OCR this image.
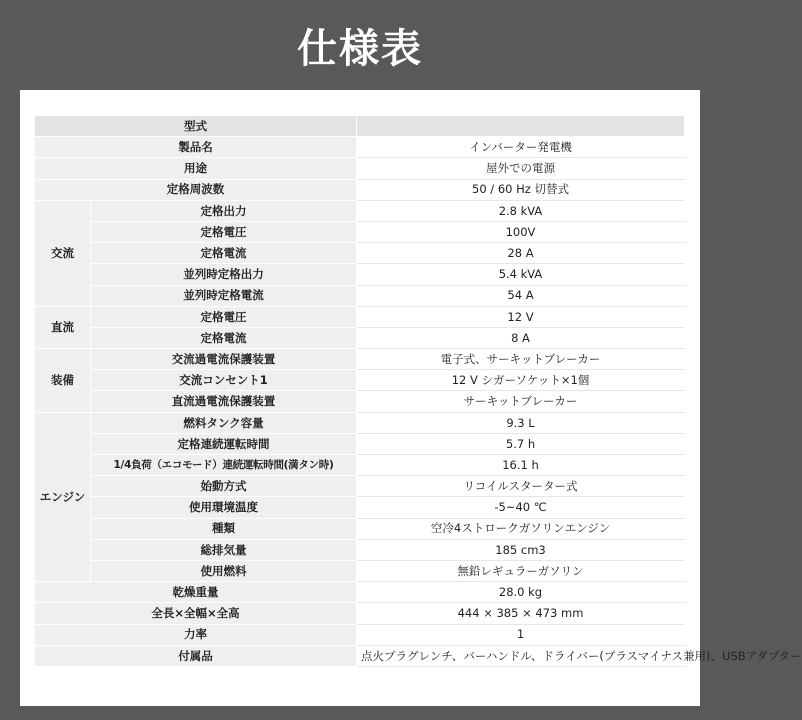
仕様表
型式		
製品名		インバーター発電機
用途		屋外での電源
定格周波数		50 / 60 Hz 切替式
交流	定格出力	2.8 kVA
	定格電圧	100V
	定格電流	28 A
	並列時定格出力	5.4 kVA
	並列時定格電流	54 A
直流	定格電圧	12 V
	定格電流	8 A
装備	交流過電流保護装置	電子式、サーキットブレーカー
	交流コンセント1	12 V シガーソケット×1個
	直流過電流保護装置	サーキットブレーカー
エンジン	燃料タンク容量	9.3 L
	定格連続運転時間	5.7 h
	1/4負荷（エコモード）連続運転時間(満タン時)	16.1 h
	始動方式	リコイルスターター式
	使用環境温度	-5~40 ℃
	種類	空冷4ストロークガソリンエンジン
	総排気量	185 cm3
	使用燃料	無鉛レギュラーガソリン
乾燥重量		28.0 kg
全長×全幅×全高		444 × 385 × 473 mm
力率		1
付属品		点火プラグレンチ、バーハンドル、ドライバー(プラスマイナス兼用)、USBアダプター
